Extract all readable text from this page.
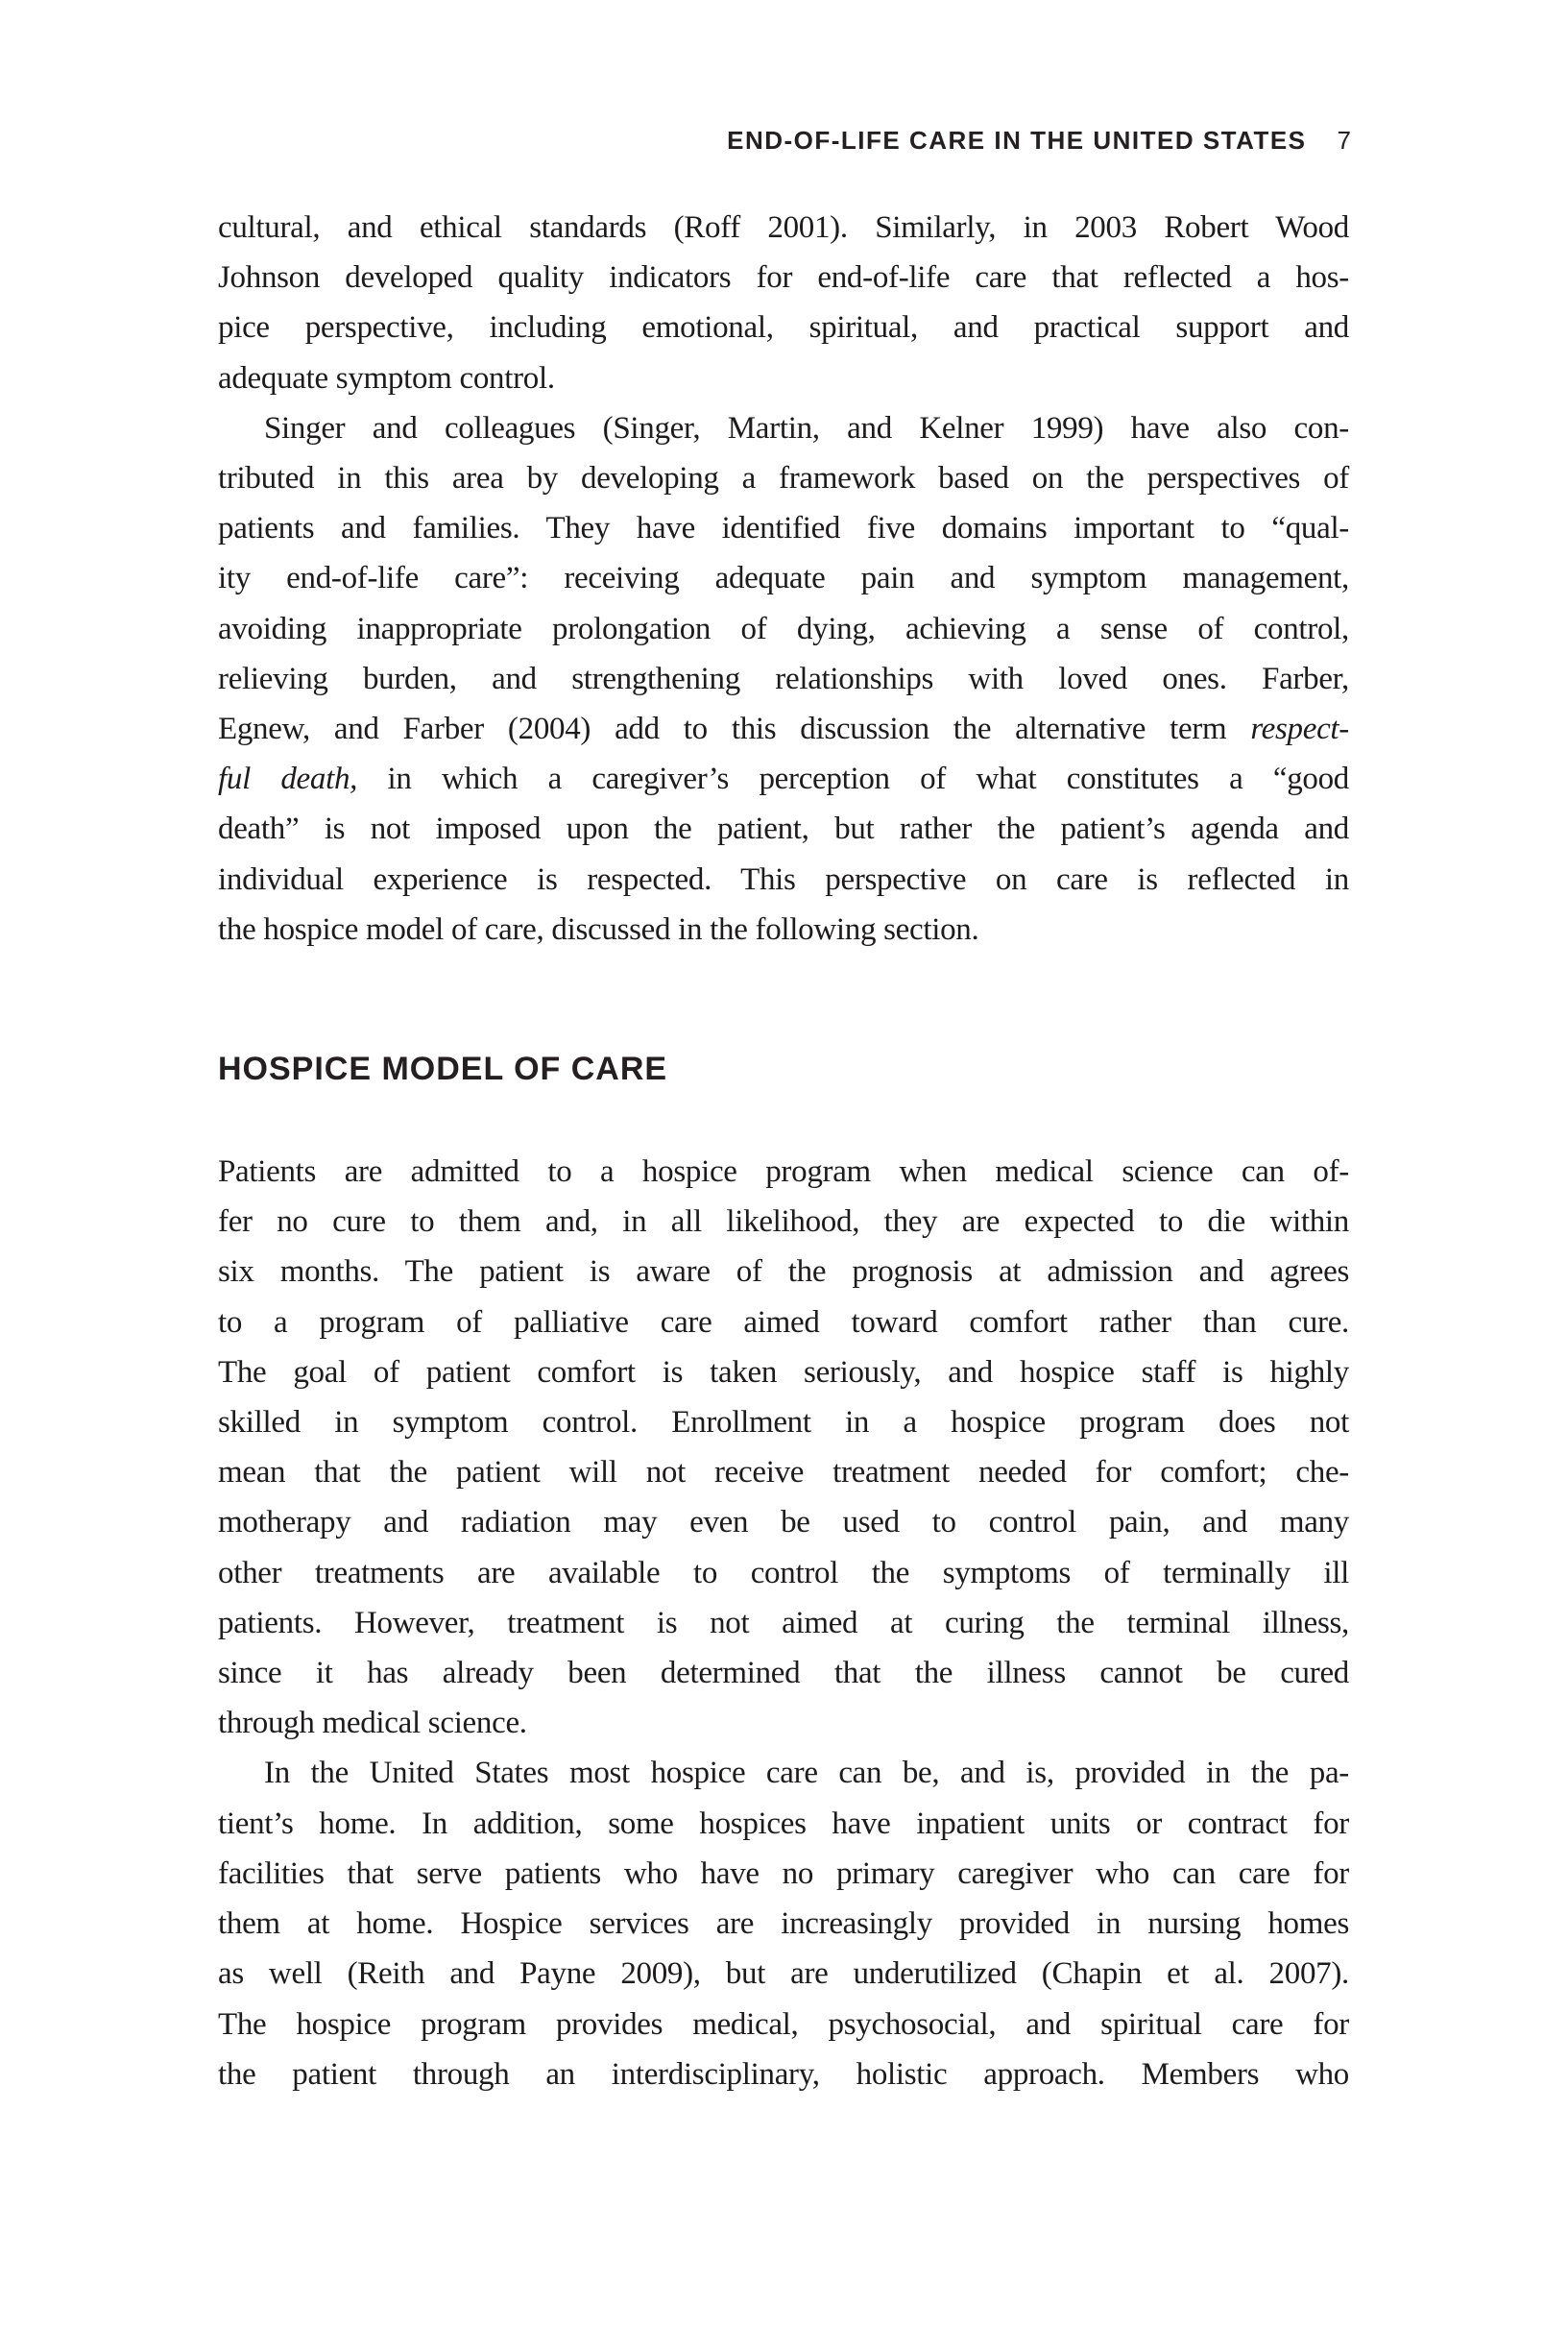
END-OF-LIFE CARE IN THE UNITED STATES 7
cultural, and ethical standards (Roff 2001). Similarly, in 2003 Robert Wood
Johnson developed quality indicators for end-of-life care that reflected a hos-
pice perspective, including emotional, spiritual, and practical support and
adequate symptom control.
Singer and colleagues (Singer, Martin, and Kelner 1999) have also con-
tributed in this area by developing a framework based on the perspectives of
patients and families. They have identified five domains important to “qual-
ity end-of-life care”: receiving adequate pain and symptom management,
avoiding inappropriate prolongation of dying, achieving a sense of control,
relieving burden, and strengthening relationships with loved ones. Farber,
Egnew, and Farber (2004) add to this discussion the alternative term respect-
ful death, in which a caregiver’s perception of what constitutes a “good
death” is not imposed upon the patient, but rather the patient’s agenda and
individual experience is respected. This perspective on care is reflected in
the hospice model of care, discussed in the following section.
HOSPICE MODEL OF CARE
Patients are admitted to a hospice program when medical science can of-
fer no cure to them and, in all likelihood, they are expected to die within
six months. The patient is aware of the prognosis at admission and agrees
to a program of palliative care aimed toward comfort rather than cure.
The goal of patient comfort is taken seriously, and hospice staff is highly
skilled in symptom control. Enrollment in a hospice program does not
mean that the patient will not receive treatment needed for comfort; che-
motherapy and radiation may even be used to control pain, and many
other treatments are available to control the symptoms of terminally ill
patients. However, treatment is not aimed at curing the terminal illness,
since it has already been determined that the illness cannot be cured
through medical science.
In the United States most hospice care can be, and is, provided in the pa-
tient’s home. In addition, some hospices have inpatient units or contract for
facilities that serve patients who have no primary caregiver who can care for
them at home. Hospice services are increasingly provided in nursing homes
as well (Reith and Payne 2009), but are underutilized (Chapin et al. 2007).
The hospice program provides medical, psychosocial, and spiritual care for
the patient through an interdisciplinary, holistic approach. Members who
